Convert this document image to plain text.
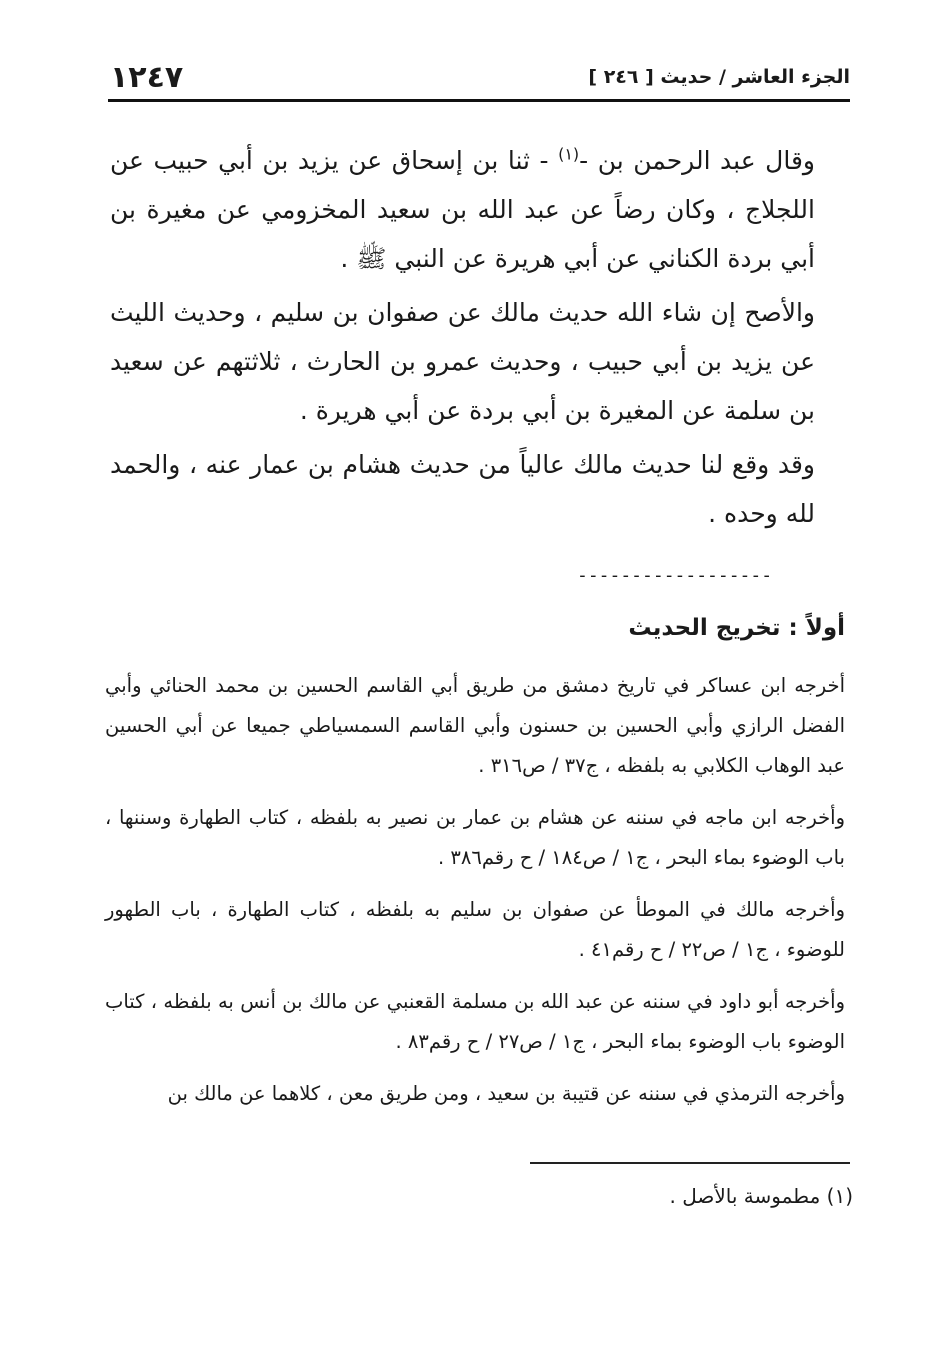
١٢٤٧	الجزء العاشر / حديث [ ٢٤٦ ]

وقال عبد الرحمن بن -$^{(١)}$ - ثنا بن إسحاق عن يزيد بن أبي حبيب عن اللجلاج ، وكان رضاً عن عبد الله بن سعيد المخزومي عن مغيرة بن أبي بردة الكناني عن أبي هريرة عن النبي ﷺ .

والأصح إن شاء الله حديث مالك عن صفوان بن سليم ، وحديث الليث عن يزيد بن أبي حبيب ، وحديث عمرو بن الحارث ، ثلاثتهم عن سعيد بن سلمة عن المغيرة بن أبي بردة عن أبي هريرة .

وقد وقع لنا حديث مالك عالياً من حديث هشام بن عمار عنه ، والحمد لله وحده .

------------------
أولاً : تخريج الحديث

أخرجه ابن عساكر في تاريخ دمشق من طريق أبي القاسم الحسين بن محمد الحنائي وأبي الفضل الرازي وأبي الحسين بن حسنون وأبي القاسم السمسياطي جميعا عن أبي الحسين عبد الوهاب الكلابي به بلفظه ، ج٣٧ / ص٣١٦ .

وأخرجه ابن ماجه في سننه عن هشام بن عمار بن نصير به بلفظه ، كتاب الطهارة وسننها ، باب الوضوء بماء البحر ، ج١ / ص١٨٤ / ح رقم٣٨٦ .

وأخرجه مالك في الموطأ عن صفوان بن سليم به بلفظه ، كتاب الطهارة ، باب الطهور للوضوء ، ج١ / ص٢٢ / ح رقم٤١ .

وأخرجه أبو داود في سننه عن عبد الله بن مسلمة القعنبي عن مالك بن أنس به بلفظه ، كتاب الوضوء باب الوضوء بماء البحر ، ج١ / ص٢٧ / ح رقم٨٣ .

وأخرجه الترمذي في سننه عن قتيبة بن سعيد ، ومن طريق معن ، كلاهما عن مالك بن

(١) مطموسة بالأصل .
